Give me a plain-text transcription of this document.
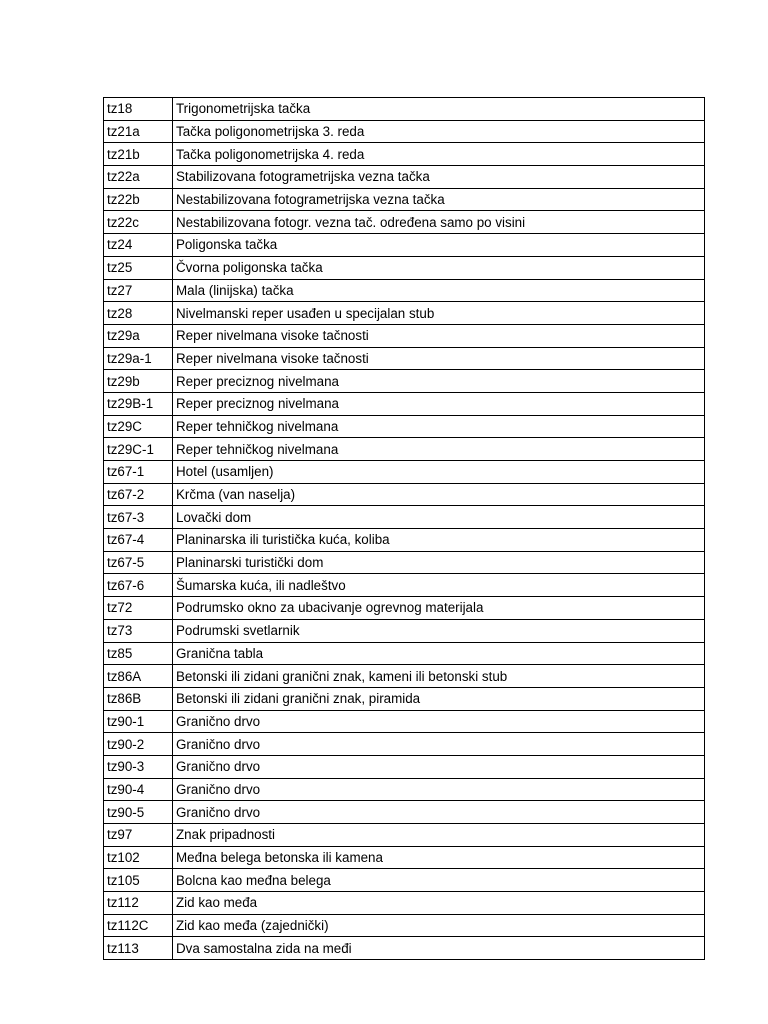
tz18	Trigonometrijska tačka
tz21a	Tačka poligonometrijska 3. reda
tz21b	Tačka poligonometrijska 4. reda
tz22a	Stabilizovana fotogrametrijska vezna tačka
tz22b	Nestabilizovana fotogrametrijska vezna tačka
tz22c	Nestabilizovana fotogr. vezna tač. određena samo po visini
tz24	Poligonska tačka
tz25	Čvorna poligonska tačka
tz27	Mala (linijska) tačka
tz28	Nivelmanski reper usađen u specijalan stub
tz29a	Reper nivelmana visoke tačnosti
tz29a-1	Reper nivelmana visoke tačnosti
tz29b	Reper preciznog nivelmana
tz29B-1	Reper preciznog nivelmana
tz29C	Reper tehničkog nivelmana
tz29C-1	Reper tehničkog nivelmana
tz67-1	Hotel (usamljen)
tz67-2	Krčma (van naselja)
tz67-3	Lovački dom
tz67-4	Planinarska ili turistička kuća, koliba
tz67-5	Planinarski turistički dom
tz67-6	Šumarska kuća, ili nadleštvo
tz72	Podrumsko okno za ubacivanje ogrevnog materijala
tz73	Podrumski svetlarnik
tz85	Granična tabla
tz86A	Betonski ili zidani granični znak, kameni ili betonski stub
tz86B	Betonski ili zidani granični znak, piramida
tz90-1	Granično drvo
tz90-2	Granično drvo
tz90-3	Granično drvo
tz90-4	Granično drvo
tz90-5	Granično drvo
tz97	Znak pripadnosti
tz102	Međna belega betonska ili kamena
tz105	Bolcna kao međna belega
tz112	Zid kao međa
tz112C	Zid kao međa (zajednički)
tz113	Dva samostalna zida na međi
